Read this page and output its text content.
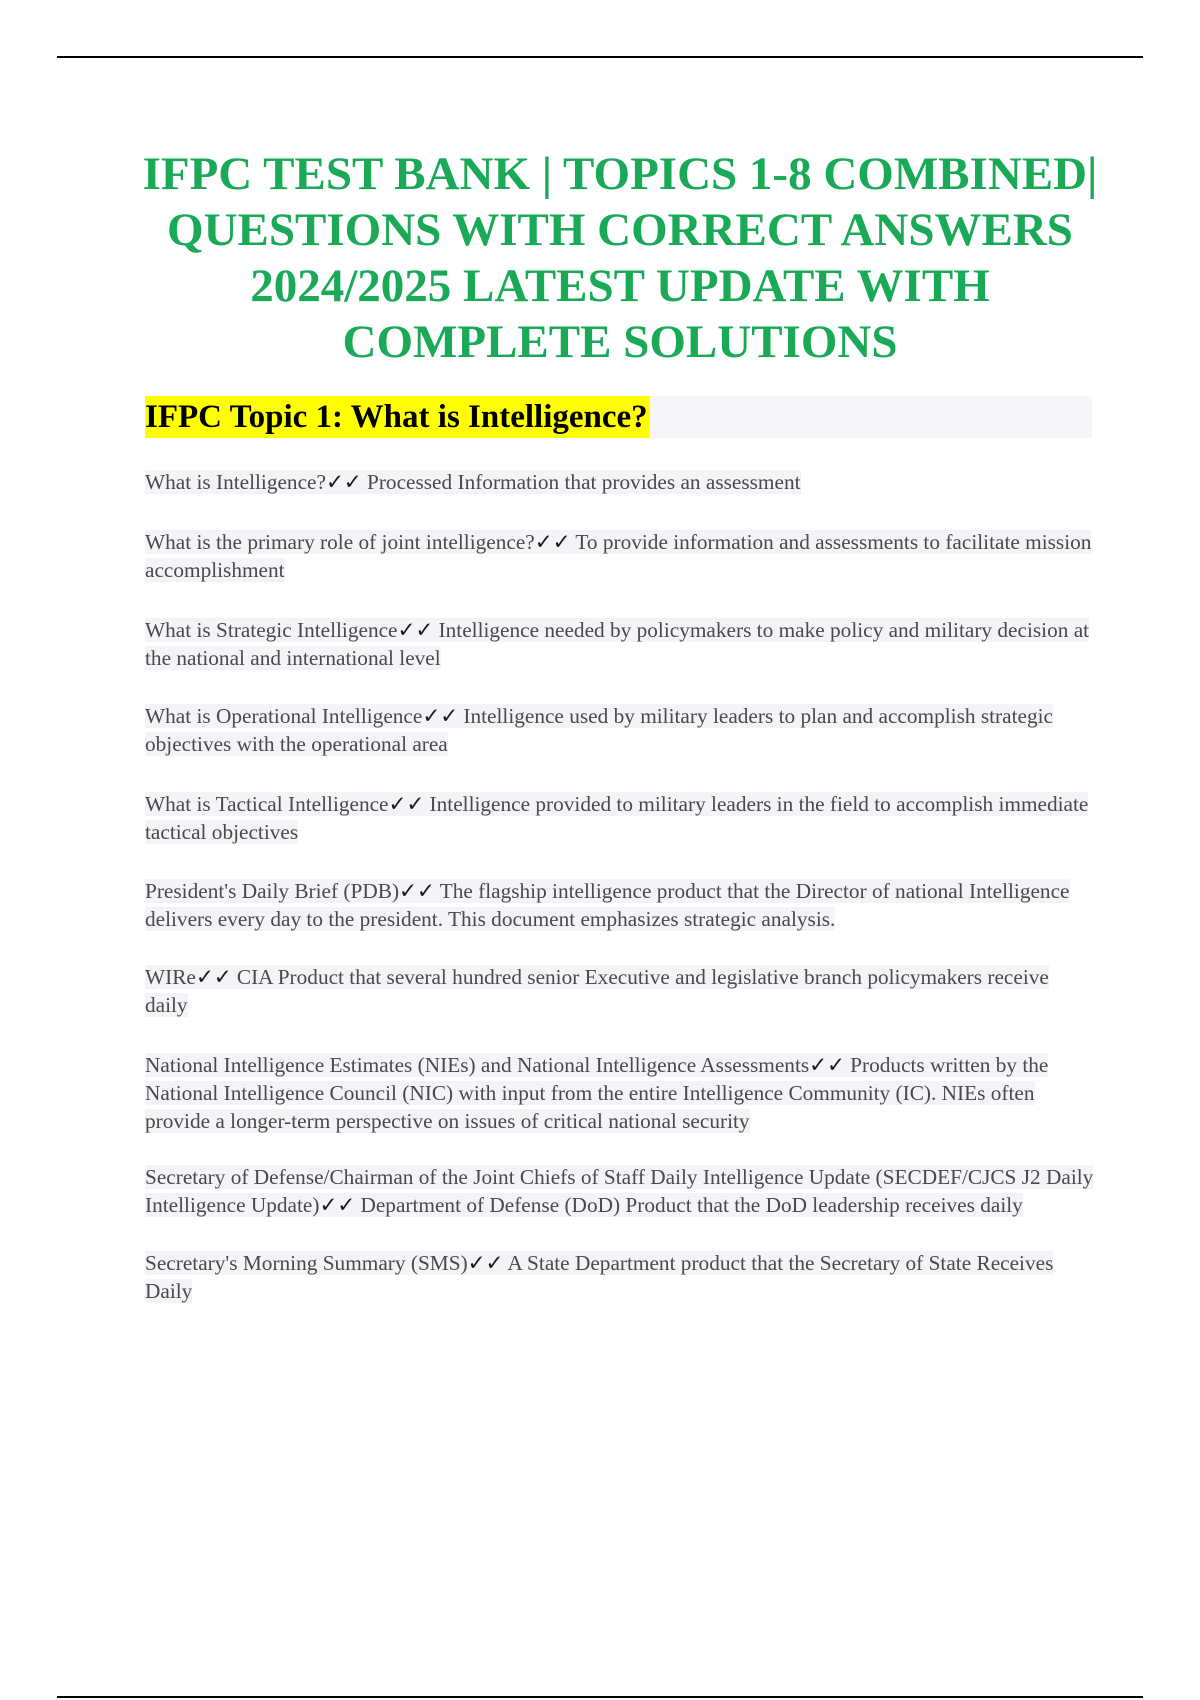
IFPC TEST BANK | TOPICS 1-8 COMBINED| QUESTIONS WITH CORRECT ANSWERS 2024/2025 LATEST UPDATE WITH COMPLETE SOLUTIONS
IFPC Topic 1: What is Intelligence?
What is Intelligence?✓✓ Processed Information that provides an assessment
What is the primary role of joint intelligence?✓✓ To provide information and assessments to facilitate mission accomplishment
What is Strategic Intelligence✓✓ Intelligence needed by policymakers to make policy and military decision at the national and international level
What is Operational Intelligence✓✓ Intelligence used by military leaders to plan and accomplish strategic objectives with the operational area
What is Tactical Intelligence✓✓ Intelligence provided to military leaders in the field to accomplish immediate tactical objectives
President's Daily Brief (PDB)✓✓ The flagship intelligence product that the Director of national Intelligence delivers every day to the president. This document emphasizes strategic analysis.
WIRe✓✓ CIA Product that several hundred senior Executive and legislative branch policymakers receive daily
National Intelligence Estimates (NIEs) and National Intelligence Assessments✓✓ Products written by the National Intelligence Council (NIC) with input from the entire Intelligence Community (IC). NIEs often provide a longer-term perspective on issues of critical national security
Secretary of Defense/Chairman of the Joint Chiefs of Staff Daily Intelligence Update (SECDEF/CJCS J2 Daily Intelligence Update)✓✓ Department of Defense (DoD) Product that the DoD leadership receives daily
Secretary's Morning Summary (SMS)✓✓ A State Department product that the Secretary of State Receives Daily
